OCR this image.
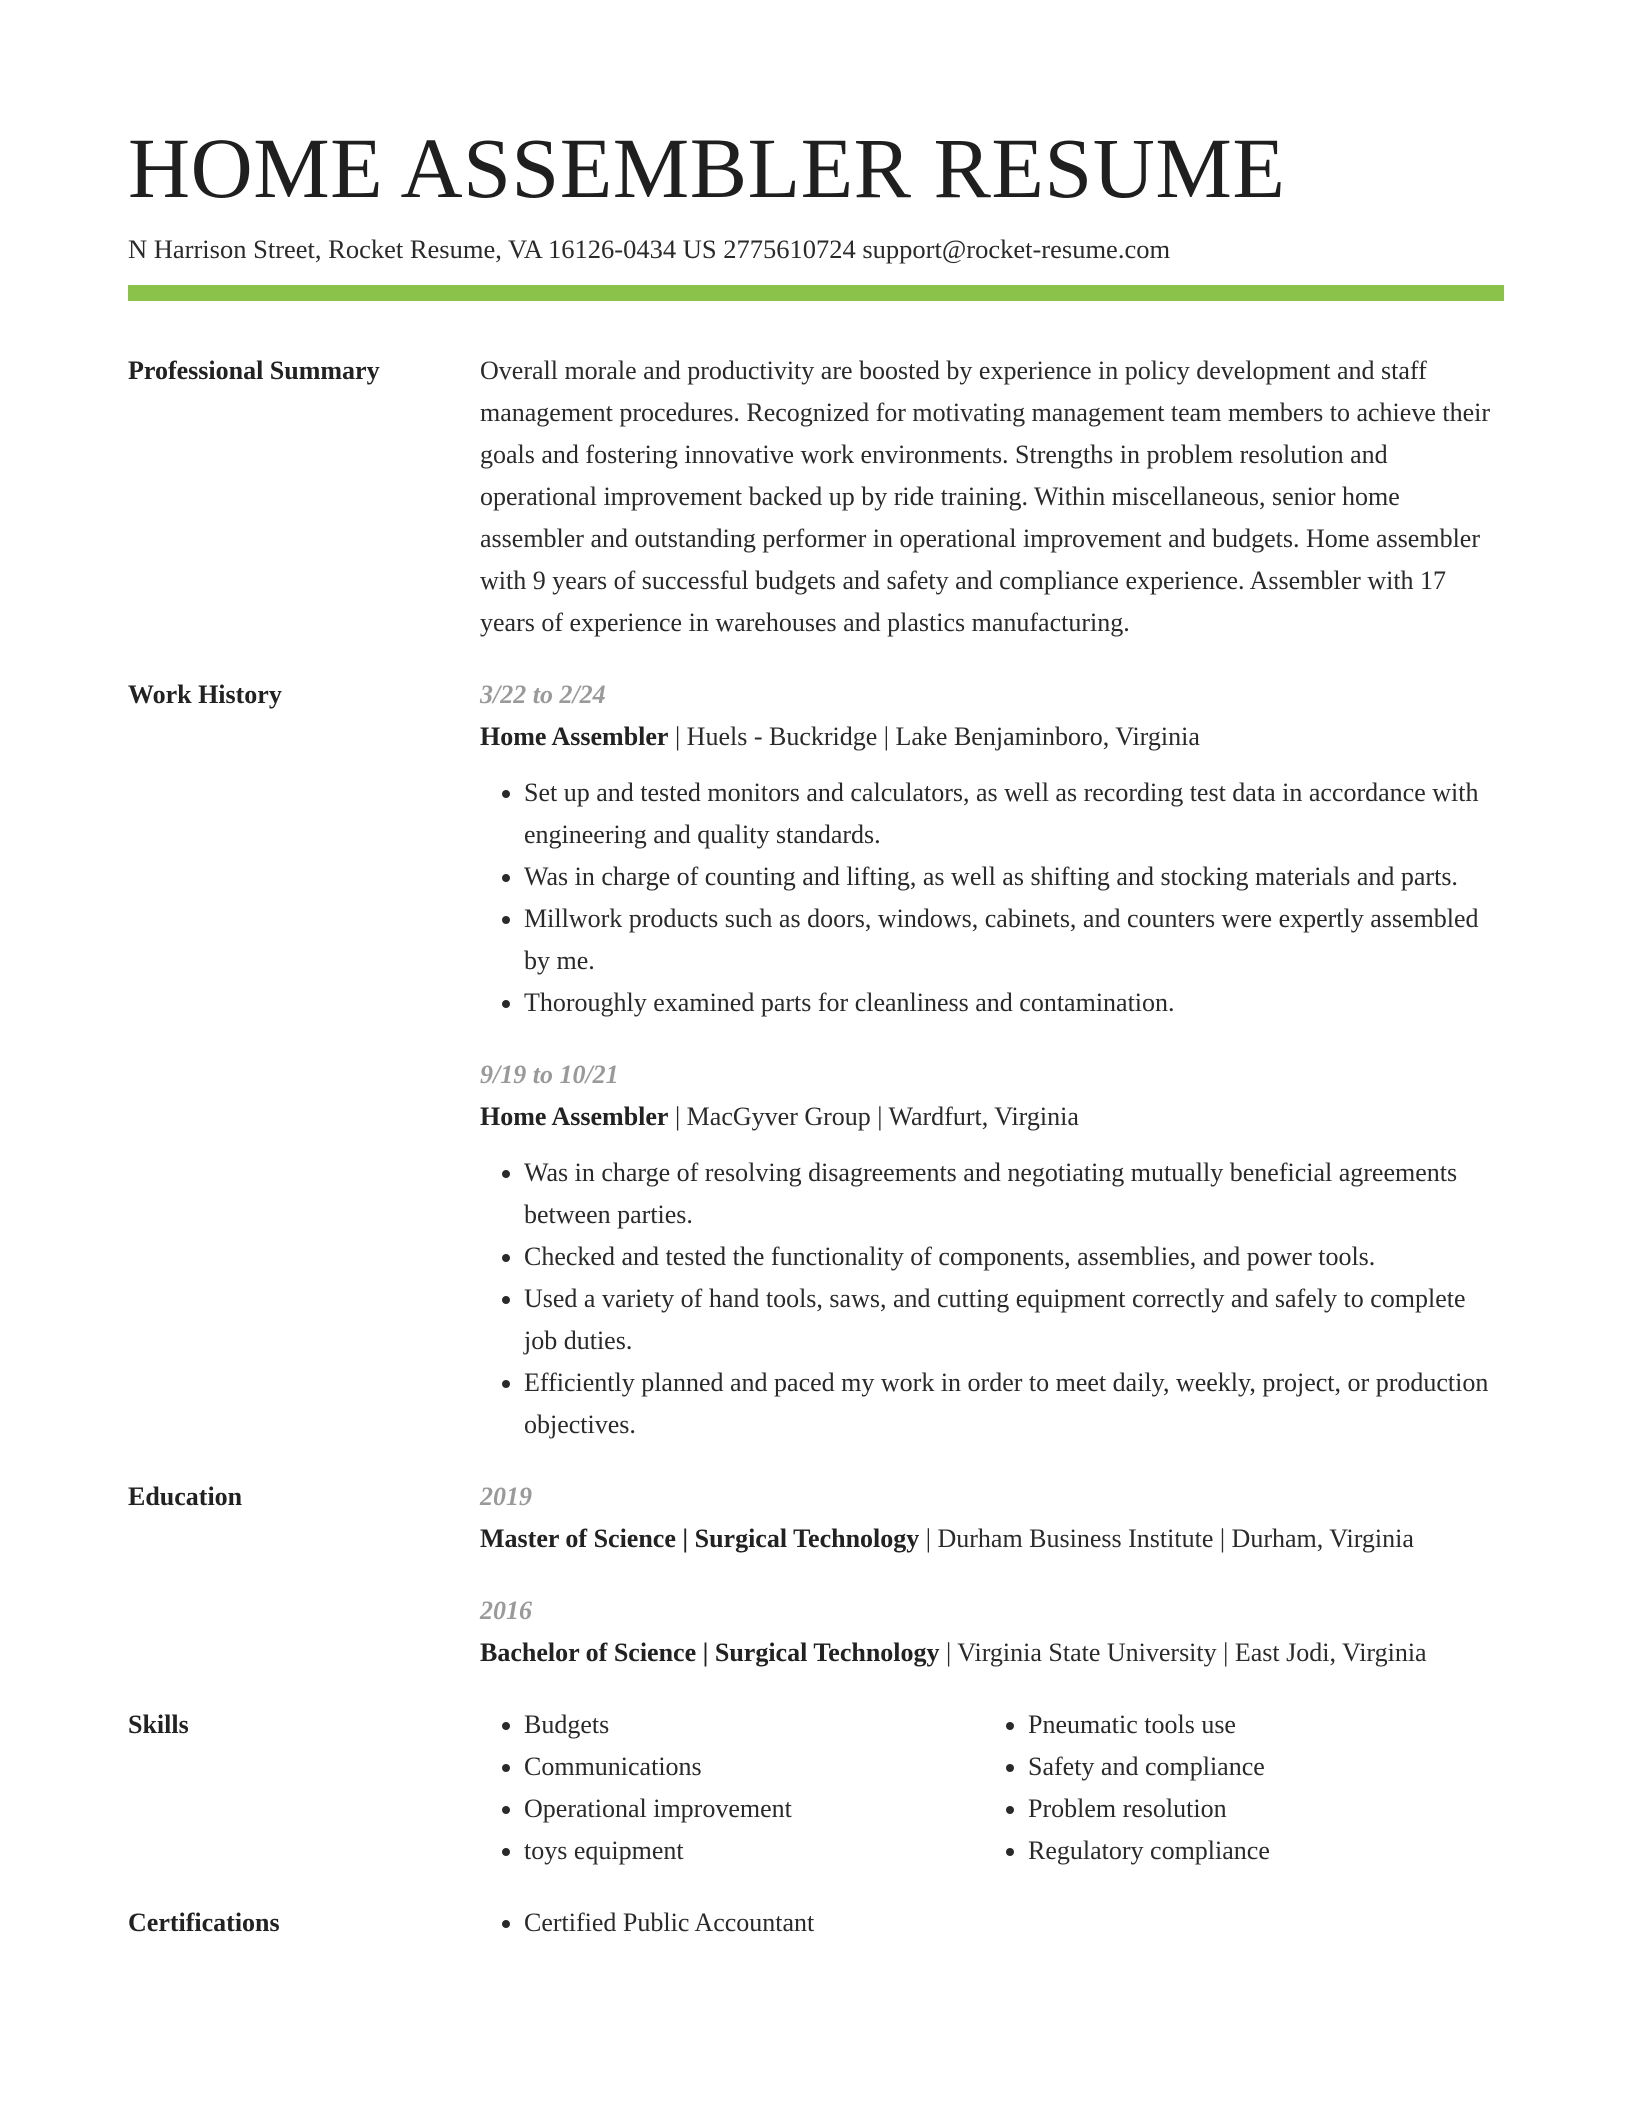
HOME ASSEMBLER RESUME
N Harrison Street, Rocket Resume, VA 16126-0434 US 2775610724 support@rocket-resume.com
Professional Summary	Overall morale and productivity are boosted by experience in policy development and staff management procedures. Recognized for motivating management team members to achieve their goals and fostering innovative work environments. Strengths in problem resolution and operational improvement backed up by ride training. Within miscellaneous, senior home assembler and outstanding performer in operational improvement and budgets. Home assembler with 9 years of successful budgets and safety and compliance experience. Assembler with 17 years of experience in warehouses and plastics manufacturing.

Work History	3/22 to 2/24
Home Assembler | Huels - Buckridge | Lake Benjaminboro, Virginia
• Set up and tested monitors and calculators, as well as recording test data in accordance with engineering and quality standards.
• Was in charge of counting and lifting, as well as shifting and stocking materials and parts.
• Millwork products such as doors, windows, cabinets, and counters were expertly assembled by me.
• Thoroughly examined parts for cleanliness and contamination.
9/19 to 10/21
Home Assembler | MacGyver Group | Wardfurt, Virginia
• Was in charge of resolving disagreements and negotiating mutually beneficial agreements between parties.
• Checked and tested the functionality of components, assemblies, and power tools.
• Used a variety of hand tools, saws, and cutting equipment correctly and safely to complete job duties.
• Efficiently planned and paced my work in order to meet daily, weekly, project, or production objectives.
Education	2019
Master of Science | Surgical Technology | Durham Business Institute | Durham, Virginia
2016
Bachelor of Science | Surgical Technology | Virginia State University | East Jodi, Virginia
Skills	• Budgets
• Communications
• Operational improvement
• toys equipment
• Pneumatic tools use
• Safety and compliance
• Problem resolution
• Regulatory compliance
Certifications	• Certified Public Accountant
